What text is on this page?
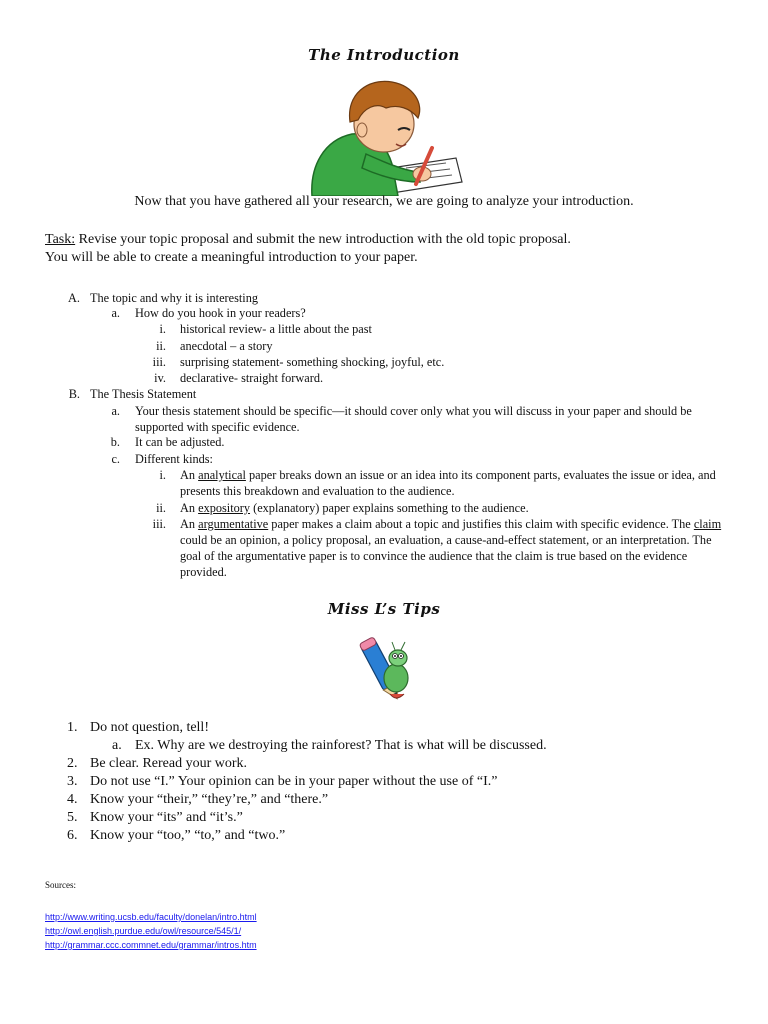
The Introduction
Now that you have gathered all your research, we are going to analyze your introduction.
Task: Revise your topic proposal and submit the new introduction with the old topic proposal.
You will be able to create a meaningful introduction to your paper.
A. The topic and why it is interesting
a. How do you hook in your readers?
i. historical review- a little about the past
ii. anecdotal – a story
iii. surprising statement- something shocking, joyful, etc.
iv. declarative- straight forward.
B. The Thesis Statement
a. Your thesis statement should be specific—it should cover only what you will discuss in your paper and should be supported with specific evidence.
b. It can be adjusted.
c. Different kinds:
i. An analytical paper breaks down an issue or an idea into its component parts, evaluates the issue or idea, and presents this breakdown and evaluation to the audience.
ii. An expository (explanatory) paper explains something to the audience.
iii. An argumentative paper makes a claim about a topic and justifies this claim with specific evidence. The claim could be an opinion, a policy proposal, an evaluation, a cause-and-effect statement, or an interpretation. The goal of the argumentative paper is to convince the audience that the claim is true based on the evidence provided.
Miss L’s Tips
1. Do not question, tell!
a. Ex. Why are we destroying the rainforest? That is what will be discussed.
2. Be clear. Reread your work.
3. Do not use “I.” Your opinion can be in your paper without the use of “I.”
4. Know your “their,” “they’re,” and “there.”
5. Know your “its” and “it’s.”
6. Know your “too,” “to,” and “two.”
Sources:
http://www.writing.ucsb.edu/faculty/donelan/intro.html
http://owl.english.purdue.edu/owl/resource/545/1/
http://grammar.ccc.commnet.edu/grammar/intros.htm
